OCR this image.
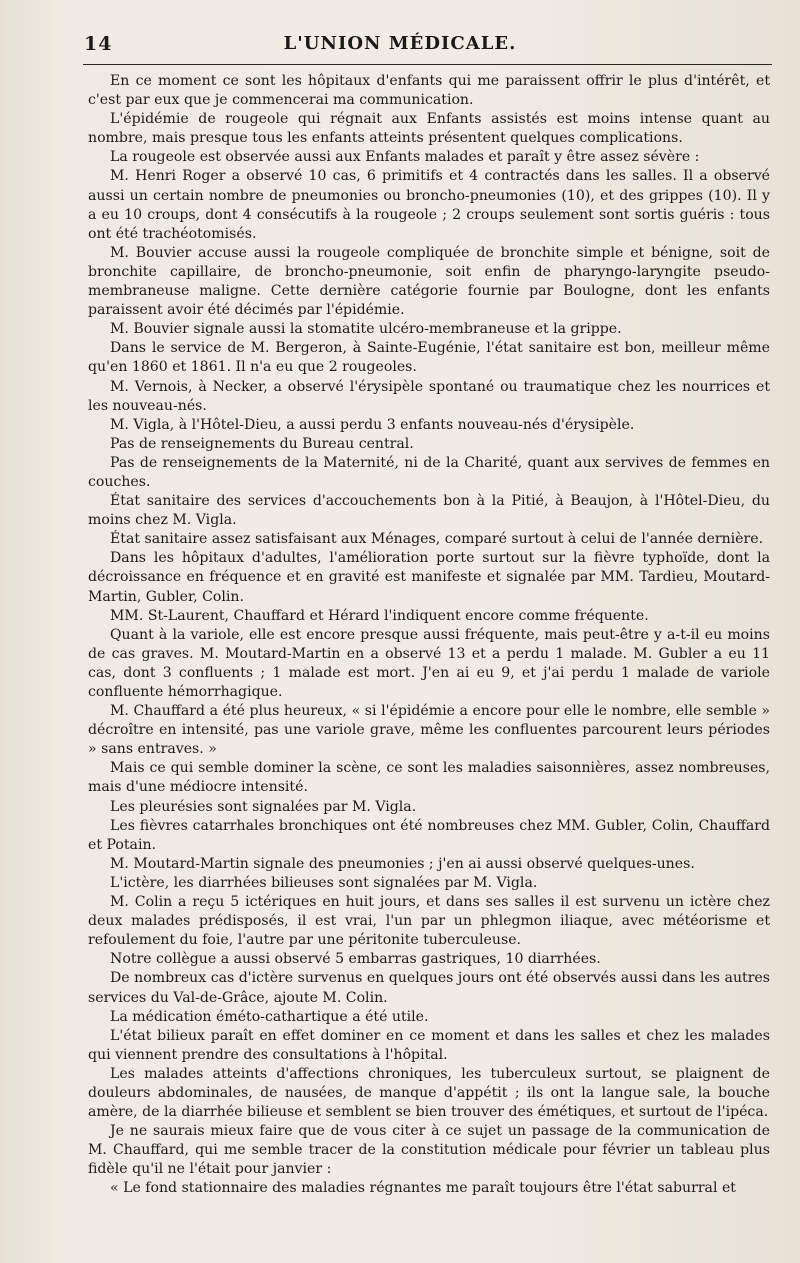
14	L'UNION MÉDICALE.

En ce moment ce sont les hôpitaux d'enfants qui me paraissent offrir le plus d'intérêt, et c'est par eux que je commencerai ma communication.

L'épidémie de rougeole qui régnait aux Enfants assistés est moins intense quant au nombre, mais presque tous les enfants atteints présentent quelques complications.

La rougeole est observée aussi aux Enfants malades et paraît y être assez sévère :

M. Henri Roger a observé 10 cas, 6 primitifs et 4 contractés dans les salles. Il a observé aussi un certain nombre de pneumonies ou broncho-pneumonies (10), et des grippes (10). Il y a eu 10 croups, dont 4 consécutifs à la rougeole ; 2 croups seulement sont sortis guéris : tous ont été trachéotomisés.

M. Bouvier accuse aussi la rougeole compliquée de bronchite simple et bénigne, soit de bronchite capillaire, de broncho-pneumonie, soit enfin de pharyngo-laryngite pseudo-membraneuse maligne. Cette dernière catégorie fournie par Boulogne, dont les enfants paraissent avoir été décimés par l'épidémie.

M. Bouvier signale aussi la stomatite ulcéro-membraneuse et la grippe.

Dans le service de M. Bergeron, à Sainte-Eugénie, l'état sanitaire est bon, meilleur même qu'en 1860 et 1861. Il n'a eu que 2 rougeoles.

M. Vernois, à Necker, a observé l'érysipèle spontané ou traumatique chez les nourrices et les nouveau-nés.

M. Vigla, à l'Hôtel-Dieu, a aussi perdu 3 enfants nouveau-nés d'érysipèle.

Pas de renseignements du Bureau central.

Pas de renseignements de la Maternité, ni de la Charité, quant aux servives de femmes en couches.

État sanitaire des services d'accouchements bon à la Pitié, à Beaujon, à l'Hôtel-Dieu, du moins chez M. Vigla.

État sanitaire assez satisfaisant aux Ménages, comparé surtout à celui de l'année dernière.

Dans les hôpitaux d'adultes, l'amélioration porte surtout sur la fièvre typhoïde, dont la décroissance en fréquence et en gravité est manifeste et signalée par MM. Tardieu, Moutard-Martin, Gubler, Colin.

MM. St-Laurent, Chauffard et Hérard l'indiquent encore comme fréquente.

Quant à la variole, elle est encore presque aussi fréquente, mais peut-être y a-t-il eu moins de cas graves. M. Moutard-Martin en a observé 13 et a perdu 1 malade. M. Gubler a eu 11 cas, dont 3 confluents ; 1 malade est mort. J'en ai eu 9, et j'ai perdu 1 malade de variole confluente hémorrhagique.

M. Chauffard a été plus heureux, « si l'épidémie a encore pour elle le nombre, elle semble » décroître en intensité, pas une variole grave, même les confluentes parcourent leurs périodes » sans entraves. »

Mais ce qui semble dominer la scène, ce sont les maladies saisonnières, assez nombreuses, mais d'une médiocre intensité.

Les pleurésies sont signalées par M. Vigla.

Les fièvres catarrhales bronchiques ont été nombreuses chez MM. Gubler, Colin, Chauffard et Potain.

M. Moutard-Martin signale des pneumonies ; j'en ai aussi observé quelques-unes.

L'ictère, les diarrhées bilieuses sont signalées par M. Vigla.

M. Colin a reçu 5 ictériques en huit jours, et dans ses salles il est survenu un ictère chez deux malades prédisposés, il est vrai, l'un par un phlegmon iliaque, avec météorisme et refoulement du foie, l'autre par une péritonite tuberculeuse.

Notre collègue a aussi observé 5 embarras gastriques, 10 diarrhées.

De nombreux cas d'ictère survenus en quelques jours ont été observés aussi dans les autres services du Val-de-Grâce, ajoute M. Colin.

La médication éméto-cathartique a été utile.

L'état bilieux paraît en effet dominer en ce moment et dans les salles et chez les malades qui viennent prendre des consultations à l'hôpital.

Les malades atteints d'affections chroniques, les tuberculeux surtout, se plaignent de douleurs abdominales, de nausées, de manque d'appétit ; ils ont la langue sale, la bouche amère, de la diarrhée bilieuse et semblent se bien trouver des émétiques, et surtout de l'ipéca.

Je ne saurais mieux faire que de vous citer à ce sujet un passage de la communication de M. Chauffard, qui me semble tracer de la constitution médicale pour février un tableau plus fidèle qu'il ne l'était pour janvier :

« Le fond stationnaire des maladies régnantes me paraît toujours être l'état saburral et
